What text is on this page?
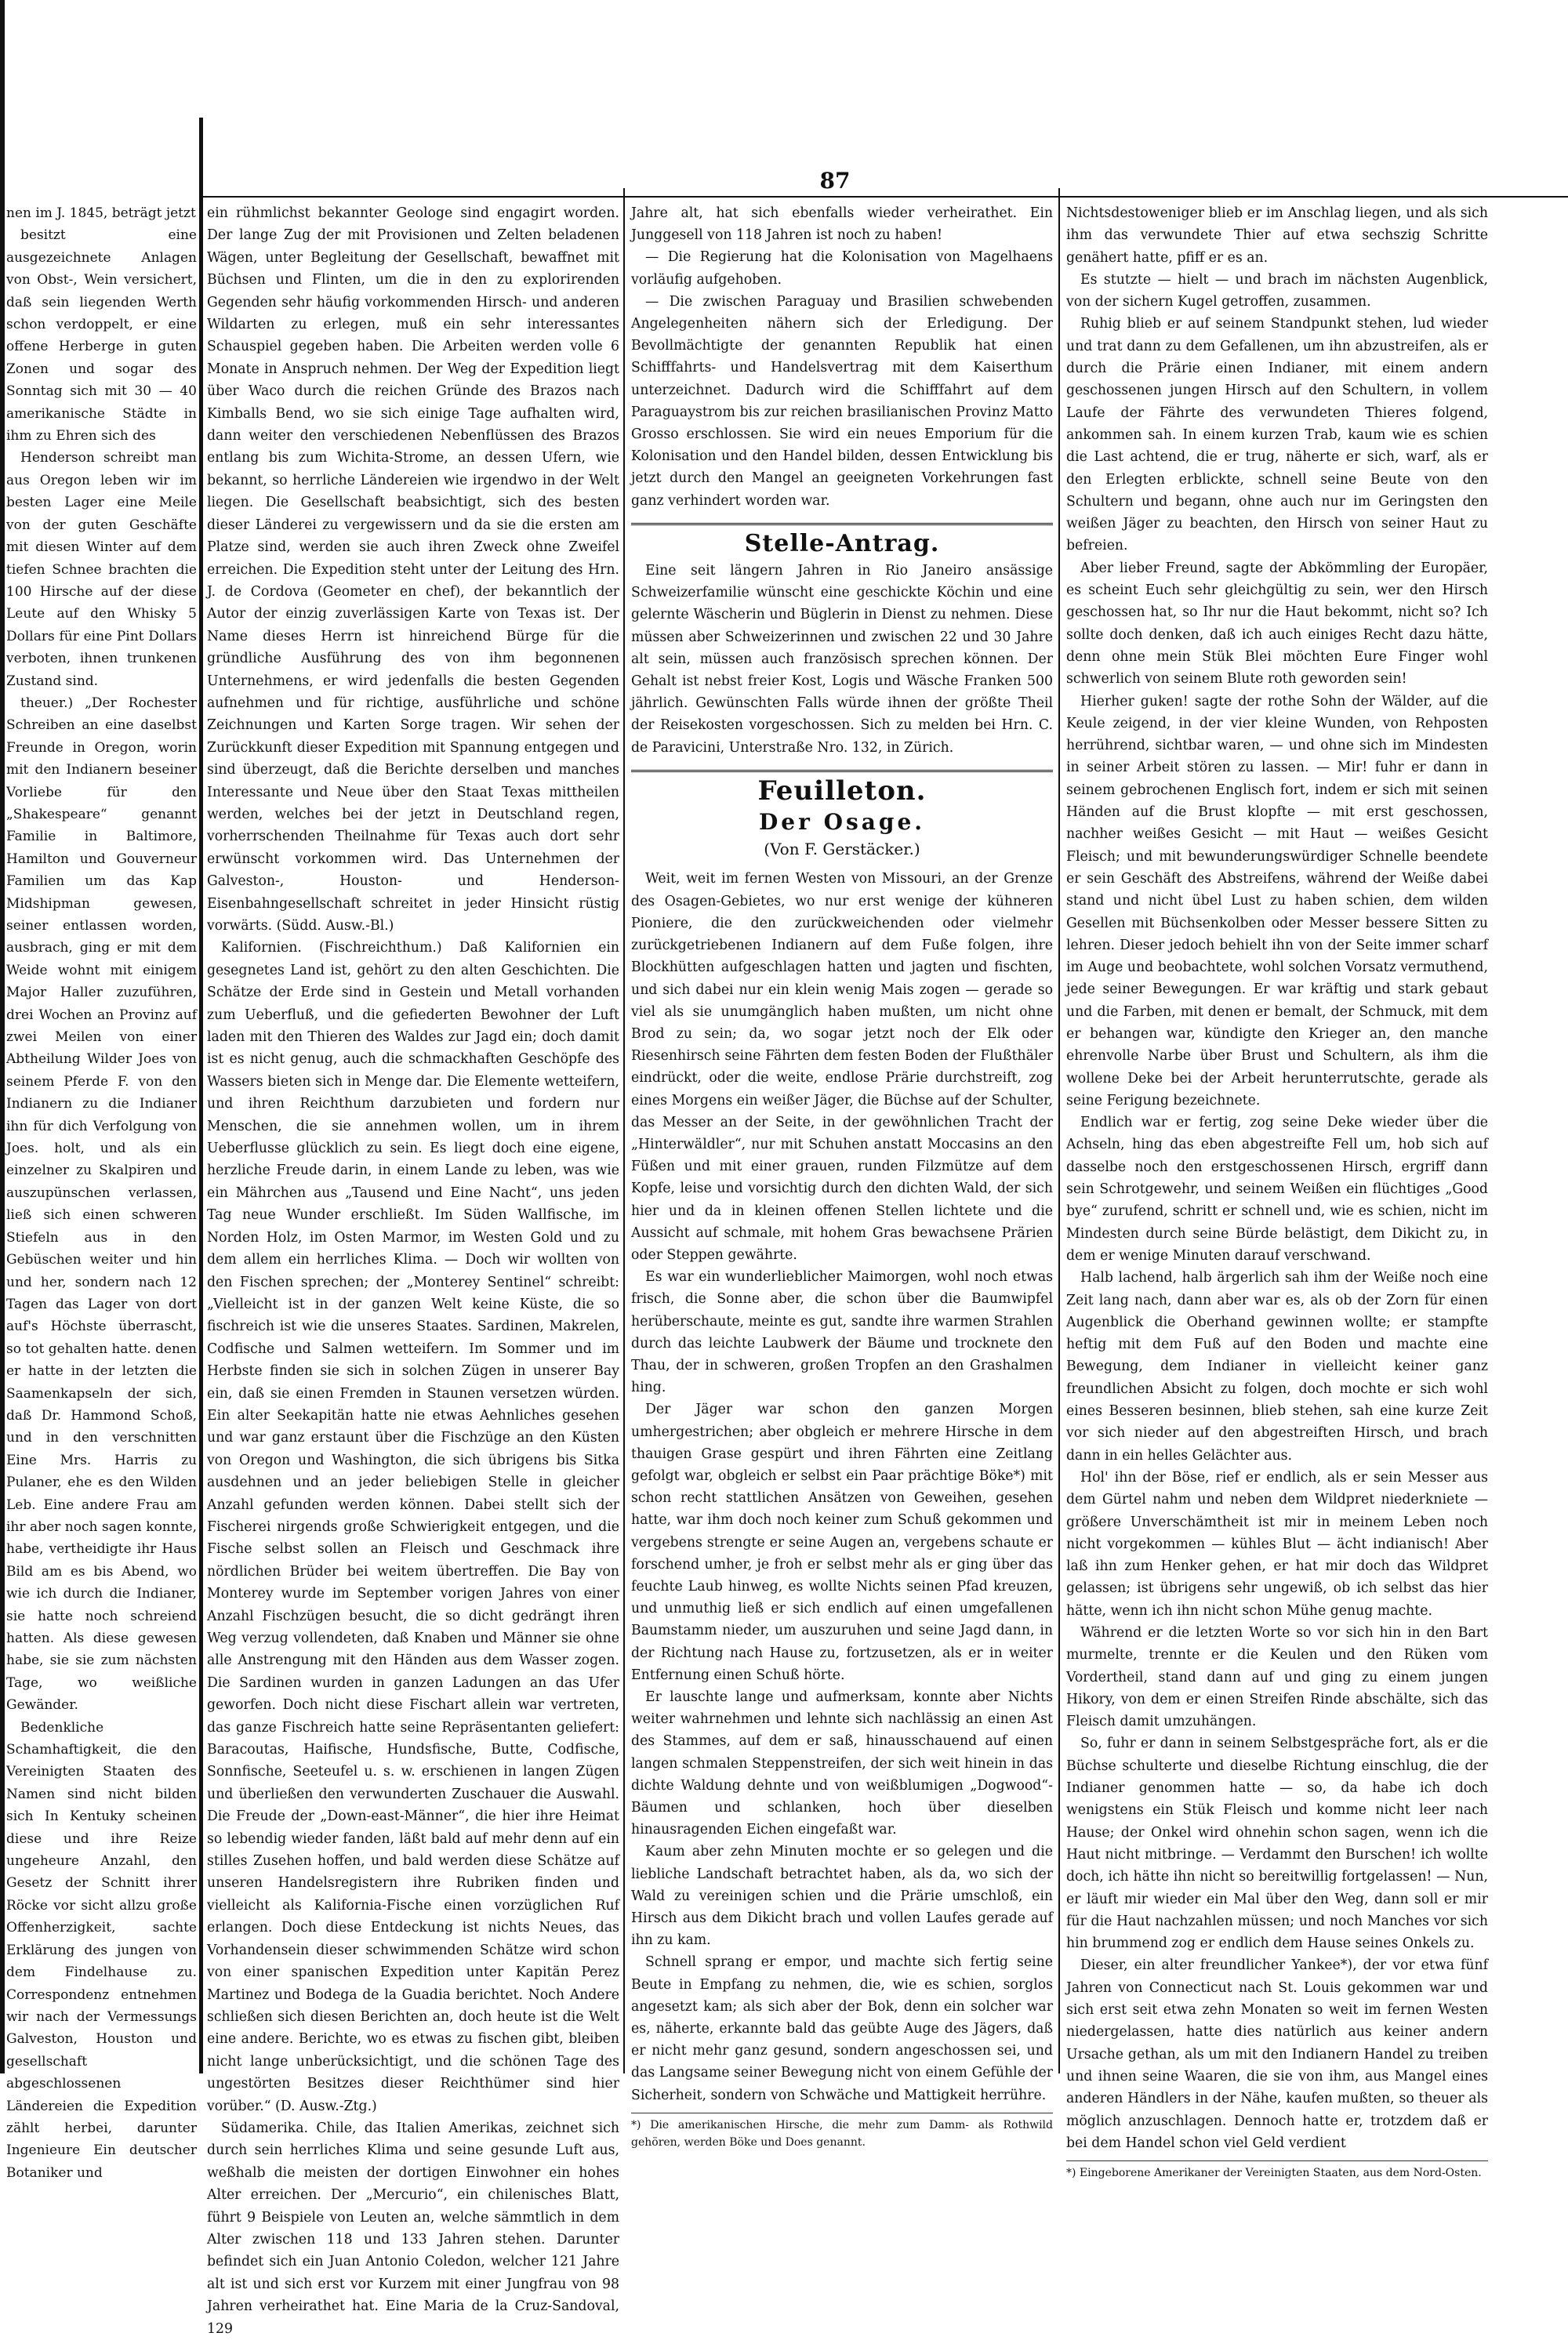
87

nen im J. 1845, beträgt jetzt

besitzt eine ausgezeichnete Anlagen von Obst-, Wein versichert, daß sein liegenden Werth schon verdoppelt, er eine offene Herberge in guten Zonen und sogar des Sonntag sich mit 30 — 40 amerikanische Städte in ihm zu Ehren sich des

Henderson schreibt man aus Oregon leben wir im besten Lager eine Meile von der guten Geschäfte mit diesen Winter auf dem tiefen Schnee brachten die 100 Hirsche auf der diese Leute auf den Whisky 5 Dollars für eine Pint Dollars verboten, ihnen trunkenen Zustand sind.

theuer.) „Der Rochester Schreiben an eine daselbst Freunde in Oregon, worin mit den Indianern beseiner Vorliebe für den „Shakespeare“ genannt Familie in Baltimore, Hamilton und Gouverneur Familien um das Kap Midshipman gewesen, seiner entlassen worden, ausbrach, ging er mit dem Weide wohnt mit einigem Major Haller zuzuführen, drei Wochen an Provinz auf zwei Meilen von einer Abtheilung Wilder Joes von seinem Pferde F. von den Indianern zu die Indianer ihn für dich Verfolgung von Joes. holt, und als ein einzelner zu Skalpiren und auszupünschen verlassen, ließ sich einen schweren Stiefeln aus in den Gebüschen weiter und hin und her, sondern nach 12 Tagen das Lager von dort auf's Höchste überrascht, so tot gehalten hatte. denen er hatte in der letzten die Saamenkapseln der sich, daß Dr. Hammond Schoß, und in den verschnitten Eine Mrs. Harris zu Pulaner, ehe es den Wilden Leb. Eine andere Frau am ihr aber noch sagen konnte, habe, vertheidigte ihr Haus Bild am es bis Abend, wo wie ich durch die Indianer, sie hatte noch schreiend hatten. Als diese gewesen habe, sie sie zum nächsten Tage, wo weißliche Gewänder.

Bedenkliche Schamhaftigkeit, die den Vereinigten Staaten des Namen sind nicht bilden sich In Kentuky scheinen diese und ihre Reize ungeheure Anzahl, den Gesetz der Schnitt ihrer Röcke vor sicht allzu große Offenherzigkeit, sachte Erklärung des jungen von dem Findelhause zu. Correspondenz entnehmen wir nach der Vermessungs Galveston, Houston und gesellschaft abgeschlossenen Ländereien die Expedition zählt herbei, darunter Ingenieure Ein deutscher Botaniker und

ein rühmlichst bekannter Geologe sind engagirt worden. Der lange Zug der mit Provisionen und Zelten beladenen Wägen, unter Begleitung der Gesellschaft, bewaffnet mit Büchsen und Flinten, um die in den zu explorirenden Gegenden sehr häufig vorkommenden Hirsch- und anderen Wildarten zu erlegen, muß ein sehr interessantes Schauspiel gegeben haben. Die Arbeiten werden volle 6 Monate in Anspruch nehmen. Der Weg der Expedition liegt über Waco durch die reichen Gründe des Brazos nach Kimballs Bend, wo sie sich einige Tage aufhalten wird, dann weiter den verschiedenen Nebenflüssen des Brazos entlang bis zum Wichita-Strome, an dessen Ufern, wie bekannt, so herrliche Ländereien wie irgendwo in der Welt liegen. Die Gesellschaft beabsichtigt, sich des besten dieser Länderei zu vergewissern und da sie die ersten am Platze sind, werden sie auch ihren Zweck ohne Zweifel erreichen. Die Expedition steht unter der Leitung des Hrn. J. de Cordova (Geometer en chef), der bekanntlich der Autor der einzig zuverlässigen Karte von Texas ist. Der Name dieses Herrn ist hinreichend Bürge für die gründliche Ausführung des von ihm begonnenen Unternehmens, er wird jedenfalls die besten Gegenden aufnehmen und für richtige, ausführliche und schöne Zeichnungen und Karten Sorge tragen. Wir sehen der Zurückkunft dieser Expedition mit Spannung entgegen und sind überzeugt, daß die Berichte derselben und manches Interessante und Neue über den Staat Texas mittheilen werden, welches bei der jetzt in Deutschland regen, vorherrschenden Theilnahme für Texas auch dort sehr erwünscht vorkommen wird. Das Unternehmen der Galveston-, Houston- und Henderson-Eisenbahngesellschaft schreitet in jeder Hinsicht rüstig vorwärts. (Südd. Ausw.-Bl.)

Kalifornien. (Fischreichthum.) Daß Kalifornien ein gesegnetes Land ist, gehört zu den alten Geschichten. Die Schätze der Erde sind in Gestein und Metall vorhanden zum Ueberfluß, und die gefiederten Bewohner der Luft laden mit den Thieren des Waldes zur Jagd ein; doch damit ist es nicht genug, auch die schmackhaften Geschöpfe des Wassers bieten sich in Menge dar. Die Elemente wetteifern, und ihren Reichthum darzubieten und fordern nur Menschen, die sie annehmen wollen, um in ihrem Ueberflusse glücklich zu sein. Es liegt doch eine eigene, herzliche Freude darin, in einem Lande zu leben, was wie ein Mährchen aus „Tausend und Eine Nacht“, uns jeden Tag neue Wunder erschließt. Im Süden Wallfische, im Norden Holz, im Osten Marmor, im Westen Gold und zu dem allem ein herrliches Klima. — Doch wir wollten von den Fischen sprechen; der „Monterey Sentinel“ schreibt: „Vielleicht ist in der ganzen Welt keine Küste, die so fischreich ist wie die unseres Staates. Sardinen, Makrelen, Codfische und Salmen wetteifern. Im Sommer und im Herbste finden sie sich in solchen Zügen in unserer Bay ein, daß sie einen Fremden in Staunen versetzen würden. Ein alter Seekapitän hatte nie etwas Aehnliches gesehen und war ganz erstaunt über die Fischzüge an den Küsten von Oregon und Washington, die sich übrigens bis Sitka ausdehnen und an jeder beliebigen Stelle in gleicher Anzahl gefunden werden können. Dabei stellt sich der Fischerei nirgends große Schwierigkeit entgegen, und die Fische selbst sollen an Fleisch und Geschmack ihre nördlichen Brüder bei weitem übertreffen. Die Bay von Monterey wurde im September vorigen Jahres von einer Anzahl Fischzügen besucht, die so dicht gedrängt ihren Weg verzug vollendeten, daß Knaben und Männer sie ohne alle Anstrengung mit den Händen aus dem Wasser zogen. Die Sardinen wurden in ganzen Ladungen an das Ufer geworfen. Doch nicht diese Fischart allein war vertreten, das ganze Fischreich hatte seine Repräsentanten geliefert: Baracoutas, Haifische, Hundsfische, Butte, Codfische, Sonnfische, Seeteufel u. s. w. erschienen in langen Zügen und überließen den verwunderten Zuschauer die Auswahl. Die Freude der „Down-east-Männer“, die hier ihre Heimat so lebendig wieder fanden, läßt bald auf mehr denn auf ein stilles Zusehen hoffen, und bald werden diese Schätze auf unseren Handelsregistern ihre Rubriken finden und vielleicht als Kalifornia-Fische einen vorzüglichen Ruf erlangen. Doch diese Entdeckung ist nichts Neues, das Vorhandensein dieser schwimmenden Schätze wird schon von einer spanischen Expedition unter Kapitän Perez Martinez und Bodega de la Guadia berichtet. Noch Andere schließen sich diesen Berichten an, doch heute ist die Welt eine andere. Berichte, wo es etwas zu fischen gibt, bleiben nicht lange unberücksichtigt, und die schönen Tage des ungestörten Besitzes dieser Reichthümer sind hier vorüber.“ (D. Ausw.-Ztg.)

Südamerika. Chile, das Italien Amerikas, zeichnet sich durch sein herrliches Klima und seine gesunde Luft aus, weßhalb die meisten der dortigen Einwohner ein hohes Alter erreichen. Der „Mercurio“, ein chilenisches Blatt, führt 9 Beispiele von Leuten an, welche sämmtlich in dem Alter zwischen 118 und 133 Jahren stehen. Darunter befindet sich ein Juan Antonio Coledon, welcher 121 Jahre alt ist und sich erst vor Kurzem mit einer Jungfrau von 98 Jahren verheirathet hat. Eine Maria de la Cruz-Sandoval, 129

Jahre alt, hat sich ebenfalls wieder verheirathet. Ein Junggesell von 118 Jahren ist noch zu haben!

— Die Regierung hat die Kolonisation von Magelhaens vorläufig aufgehoben.

— Die zwischen Paraguay und Brasilien schwebenden Angelegenheiten nähern sich der Erledigung. Der Bevollmächtigte der genannten Republik hat einen Schifffahrts- und Handelsvertrag mit dem Kaiserthum unterzeichnet. Dadurch wird die Schifffahrt auf dem Paraguaystrom bis zur reichen brasilianischen Provinz Matto Grosso erschlossen. Sie wird ein neues Emporium für die Kolonisation und den Handel bilden, dessen Entwicklung bis jetzt durch den Mangel an geeigneten Vorkehrungen fast ganz verhindert worden war.

Stelle-Antrag.

Eine seit längern Jahren in Rio Janeiro ansässige Schweizerfamilie wünscht eine geschickte Köchin und eine gelernte Wäscherin und Büglerin in Dienst zu nehmen. Diese müssen aber Schweizerinnen und zwischen 22 und 30 Jahre alt sein, müssen auch französisch sprechen können. Der Gehalt ist nebst freier Kost, Logis und Wäsche Franken 500 jährlich. Gewünschten Falls würde ihnen der größte Theil der Reisekosten vorgeschossen. Sich zu melden bei Hrn. C. de Paravicini, Unterstraße Nro. 132, in Zürich.

Feuilleton.
Der Osage.
(Von F. Gerstäcker.)

Weit, weit im fernen Westen von Missouri, an der Grenze des Osagen-Gebietes, wo nur erst wenige der kühneren Pioniere, die den zurückweichenden oder vielmehr zurückgetriebenen Indianern auf dem Fuße folgen, ihre Blockhütten aufgeschlagen hatten und jagten und fischten, und sich dabei nur ein klein wenig Mais zogen — gerade so viel als sie unumgänglich haben mußten, um nicht ohne Brod zu sein; da, wo sogar jetzt noch der Elk oder Riesenhirsch seine Fährten dem festen Boden der Flußthäler eindrückt, oder die weite, endlose Prärie durchstreift, zog eines Morgens ein weißer Jäger, die Büchse auf der Schulter, das Messer an der Seite, in der gewöhnlichen Tracht der „Hinterwäldler“, nur mit Schuhen anstatt Moccasins an den Füßen und mit einer grauen, runden Filzmütze auf dem Kopfe, leise und vorsichtig durch den dichten Wald, der sich hier und da in kleinen offenen Stellen lichtete und die Aussicht auf schmale, mit hohem Gras bewachsene Prärien oder Steppen gewährte.

Es war ein wunderlieblicher Maimorgen, wohl noch etwas frisch, die Sonne aber, die schon über die Baumwipfel herüberschaute, meinte es gut, sandte ihre warmen Strahlen durch das leichte Laubwerk der Bäume und trocknete den Thau, der in schweren, großen Tropfen an den Grashalmen hing.

Der Jäger war schon den ganzen Morgen umhergestrichen; aber obgleich er mehrere Hirsche in dem thauigen Grase gespürt und ihren Fährten eine Zeitlang gefolgt war, obgleich er selbst ein Paar prächtige Böke*) mit schon recht stattlichen Ansätzen von Geweihen, gesehen hatte, war ihm doch noch keiner zum Schuß gekommen und vergebens strengte er seine Augen an, vergebens schaute er forschend umher, je froh er selbst mehr als er ging über das feuchte Laub hinweg, es wollte Nichts seinen Pfad kreuzen, und unmuthig ließ er sich endlich auf einen umgefallenen Baumstamm nieder, um auszuruhen und seine Jagd dann, in der Richtung nach Hause zu, fortzusetzen, als er in weiter Entfernung einen Schuß hörte.

Er lauschte lange und aufmerksam, konnte aber Nichts weiter wahrnehmen und lehnte sich nachlässig an einen Ast des Stammes, auf dem er saß, hinausschauend auf einen langen schmalen Steppenstreifen, der sich weit hinein in das dichte Waldung dehnte und von weißblumigen „Dogwood“-Bäumen und schlanken, hoch über dieselben hinausragenden Eichen eingefaßt war.

Kaum aber zehn Minuten mochte er so gelegen und die liebliche Landschaft betrachtet haben, als da, wo sich der Wald zu vereinigen schien und die Prärie umschloß, ein Hirsch aus dem Dikicht brach und vollen Laufes gerade auf ihn zu kam.

Schnell sprang er empor, und machte sich fertig seine Beute in Empfang zu nehmen, die, wie es schien, sorglos angesetzt kam; als sich aber der Bok, denn ein solcher war es, näherte, erkannte bald das geübte Auge des Jägers, daß er nicht mehr ganz gesund, sondern angeschossen sei, und das Langsame seiner Bewegung nicht von einem Gefühle der Sicherheit, sondern von Schwäche und Mattigkeit herrühre.

*) Die amerikanischen Hirsche, die mehr zum Damm- als Rothwild gehören, werden Böke und Does genannt.

Nichtsdestoweniger blieb er im Anschlag liegen, und als sich ihm das verwundete Thier auf etwa sechszig Schritte genähert hatte, pfiff er es an.

Es stutzte — hielt — und brach im nächsten Augenblick, von der sichern Kugel getroffen, zusammen.

Ruhig blieb er auf seinem Standpunkt stehen, lud wieder und trat dann zu dem Gefallenen, um ihn abzustreifen, als er durch die Prärie einen Indianer, mit einem andern geschossenen jungen Hirsch auf den Schultern, in vollem Laufe der Fährte des verwundeten Thieres folgend, ankommen sah. In einem kurzen Trab, kaum wie es schien die Last achtend, die er trug, näherte er sich, warf, als er den Erlegten erblickte, schnell seine Beute von den Schultern und begann, ohne auch nur im Geringsten den weißen Jäger zu beachten, den Hirsch von seiner Haut zu befreien.

Aber lieber Freund, sagte der Abkömmling der Europäer, es scheint Euch sehr gleichgültig zu sein, wer den Hirsch geschossen hat, so Ihr nur die Haut bekommt, nicht so? Ich sollte doch denken, daß ich auch einiges Recht dazu hätte, denn ohne mein Stük Blei möchten Eure Finger wohl schwerlich von seinem Blute roth geworden sein!

Hierher guken! sagte der rothe Sohn der Wälder, auf die Keule zeigend, in der vier kleine Wunden, von Rehposten herrührend, sichtbar waren, — und ohne sich im Mindesten in seiner Arbeit stören zu lassen. — Mir! fuhr er dann in seinem gebrochenen Englisch fort, indem er sich mit seinen Händen auf die Brust klopfte — mit erst geschossen, nachher weißes Gesicht — mit Haut — weißes Gesicht Fleisch; und mit bewunderungswürdiger Schnelle beendete er sein Geschäft des Abstreifens, während der Weiße dabei stand und nicht übel Lust zu haben schien, dem wilden Gesellen mit Büchsenkolben oder Messer bessere Sitten zu lehren. Dieser jedoch behielt ihn von der Seite immer scharf im Auge und beobachtete, wohl solchen Vorsatz vermuthend, jede seiner Bewegungen. Er war kräftig und stark gebaut und die Farben, mit denen er bemalt, der Schmuck, mit dem er behangen war, kündigte den Krieger an, den manche ehrenvolle Narbe über Brust und Schultern, als ihm die wollene Deke bei der Arbeit herunterrutschte, gerade als seine Ferigung bezeichnete.

Endlich war er fertig, zog seine Deke wieder über die Achseln, hing das eben abgestreifte Fell um, hob sich auf dasselbe noch den erstgeschossenen Hirsch, ergriff dann sein Schrotgewehr, und seinem Weißen ein flüchtiges „Good bye“ zurufend, schritt er schnell und, wie es schien, nicht im Mindesten durch seine Bürde belästigt, dem Dikicht zu, in dem er wenige Minuten darauf verschwand.

Halb lachend, halb ärgerlich sah ihm der Weiße noch eine Zeit lang nach, dann aber war es, als ob der Zorn für einen Augenblick die Oberhand gewinnen wollte; er stampfte heftig mit dem Fuß auf den Boden und machte eine Bewegung, dem Indianer in vielleicht keiner ganz freundlichen Absicht zu folgen, doch mochte er sich wohl eines Besseren besinnen, blieb stehen, sah eine kurze Zeit vor sich nieder auf den abgestreiften Hirsch, und brach dann in ein helles Gelächter aus.

Hol' ihn der Böse, rief er endlich, als er sein Messer aus dem Gürtel nahm und neben dem Wildpret niederkniete — größere Unverschämtheit ist mir in meinem Leben noch nicht vorgekommen — kühles Blut — ächt indianisch! Aber laß ihn zum Henker gehen, er hat mir doch das Wildpret gelassen; ist übrigens sehr ungewiß, ob ich selbst das hier hätte, wenn ich ihn nicht schon Mühe genug machte.

Während er die letzten Worte so vor sich hin in den Bart murmelte, trennte er die Keulen und den Rüken vom Vordertheil, stand dann auf und ging zu einem jungen Hikory, von dem er einen Streifen Rinde abschälte, sich das Fleisch damit umzuhängen.

So, fuhr er dann in seinem Selbstgespräche fort, als er die Büchse schulterte und dieselbe Richtung einschlug, die der Indianer genommen hatte — so, da habe ich doch wenigstens ein Stük Fleisch und komme nicht leer nach Hause; der Onkel wird ohnehin schon sagen, wenn ich die Haut nicht mitbringe. — Verdammt den Burschen! ich wollte doch, ich hätte ihn nicht so bereitwillig fortgelassen! — Nun, er läuft mir wieder ein Mal über den Weg, dann soll er mir für die Haut nachzahlen müssen; und noch Manches vor sich hin brummend zog er endlich dem Hause seines Onkels zu.

Dieser, ein alter freundlicher Yankee*), der vor etwa fünf Jahren von Connecticut nach St. Louis gekommen war und sich erst seit etwa zehn Monaten so weit im fernen Westen niedergelassen, hatte dies natürlich aus keiner andern Ursache gethan, als um mit den Indianern Handel zu treiben und ihnen seine Waaren, die sie von ihm, aus Mangel eines anderen Händlers in der Nähe, kaufen mußten, so theuer als möglich anzuschlagen. Dennoch hatte er, trotzdem daß er bei dem Handel schon viel Geld verdient

*) Eingeborene Amerikaner der Vereinigten Staaten, aus dem Nord-Osten.
